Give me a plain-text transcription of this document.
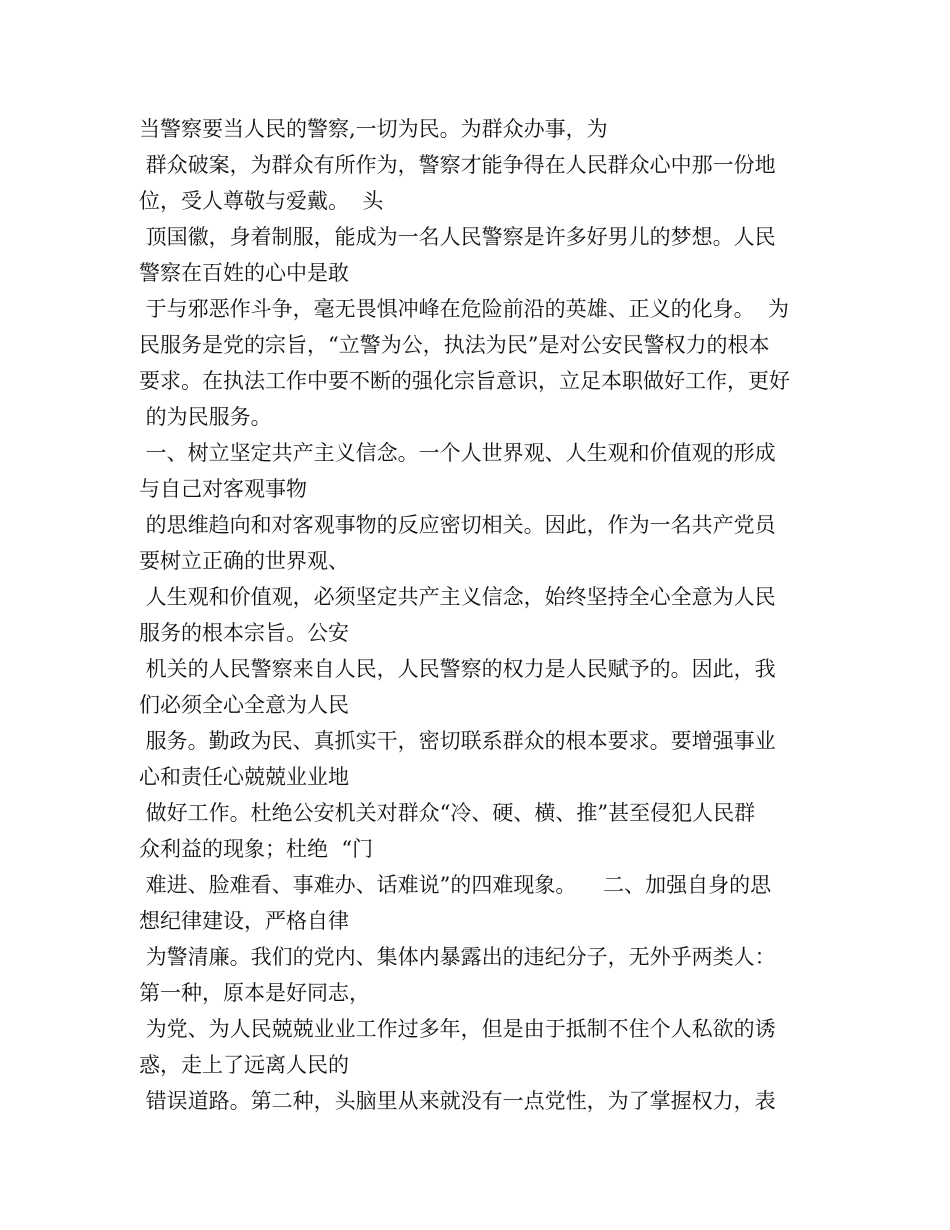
当警察要当人民的警察,一切为民。为群众办事，为
群众破案，为群众有所作为，警察才能争得在人民群众心中那一份地
位，受人尊敬与爱戴。  头
顶国徽，身着制服，能成为一名人民警察是许多好男儿的梦想。人民
警察在百姓的心中是敢
于与邪恶作斗争，毫无畏惧冲峰在危险前沿的英雄、正义的化身。  为
民服务是党的宗旨，“立警为公，执法为民”是对公安民警权力的根本
要求。在执法工作中要不断的强化宗旨意识，立足本职做好工作，更好
的为民服务。
一、树立坚定共产主义信念。一个人世界观、人生观和价值观的形成
与自己对客观事物
的思维趋向和对客观事物的反应密切相关。因此，作为一名共产党员
要树立正确的世界观、
人生观和价值观，必须坚定共产主义信念，始终坚持全心全意为人民
服务的根本宗旨。公安
机关的人民警察来自人民，人民警察的权力是人民赋予的。因此，我
们必须全心全意为人民
服务。勤政为民、真抓实干，密切联系群众的根本要求。要增强事业
心和责任心兢兢业业地
做好工作。杜绝公安机关对群众“冷、硬、横、推”甚至侵犯人民群
众利益的现象；杜绝  “门
难进、脸难看、事难办、话难说”的四难现象。    二、加强自身的思
想纪律建设，严格自律
为警清廉。我们的党内、集体内暴露出的违纪分子，无外乎两类人：
第一种，原本是好同志，
为党、为人民兢兢业业工作过多年，但是由于抵制不住个人私欲的诱
惑，走上了远离人民的
错误道路。第二种，头脑里从来就没有一点党性，为了掌握权力，表
